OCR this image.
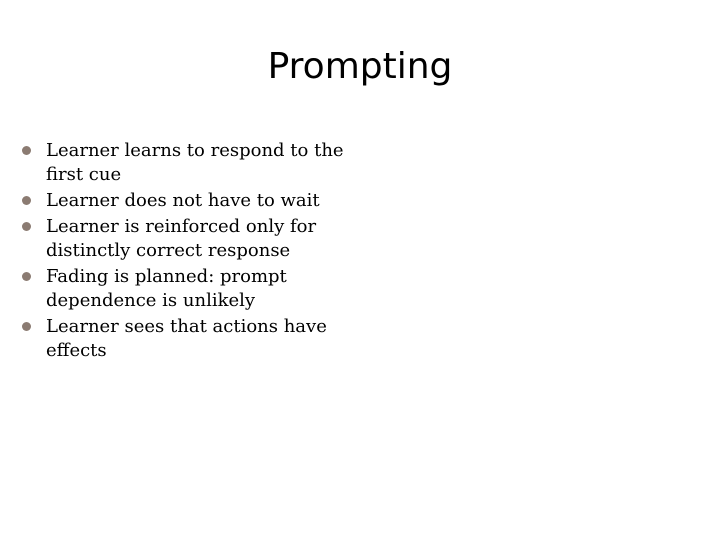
Prompting
Learner learns to respond to the first cue
Learner does not have to wait
Learner is reinforced only for distinctly correct response
Fading is planned: prompt dependence is unlikely
Learner sees that actions have effects
